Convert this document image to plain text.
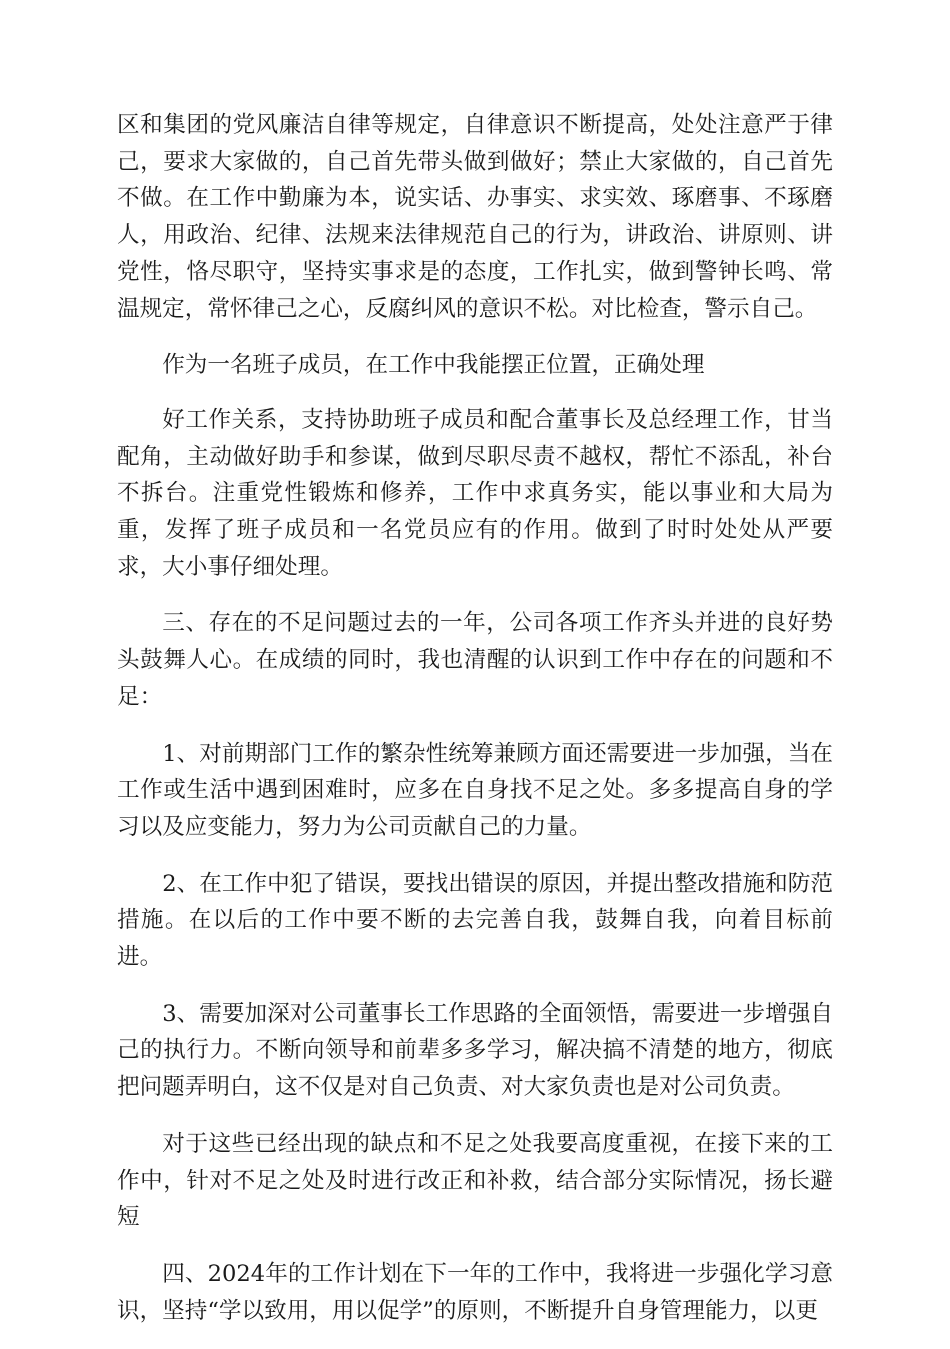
区和集团的党风廉洁自律等规定，自律意识不断提高，处处注意严于律己，要求大家做的，自己首先带头做到做好；禁止大家做的，自己首先不做。在工作中勤廉为本，说实话、办事实、求实效、琢磨事、不琢磨人，用政治、纪律、法规来法律规范自己的行为，讲政治、讲原则、讲党性，恪尽职守，坚持实事求是的态度，工作扎实，做到警钟长鸣、常温规定，常怀律己之心，反腐纠风的意识不松。对比检查，警示自己。

作为一名班子成员，在工作中我能摆正位置，正确处理

好工作关系，支持协助班子成员和配合董事长及总经理工作，甘当配角，主动做好助手和参谋，做到尽职尽责不越权，帮忙不添乱，补台不拆台。注重党性锻炼和修养，工作中求真务实，能以事业和大局为重，发挥了班子成员和一名党员应有的作用。做到了时时处处从严要求，大小事仔细处理。

三、存在的不足问题过去的一年，公司各项工作齐头并进的良好势头鼓舞人心。在成绩的同时，我也清醒的认识到工作中存在的问题和不足：

1、对前期部门工作的繁杂性统筹兼顾方面还需要进一步加强，当在工作或生活中遇到困难时，应多在自身找不足之处。多多提高自身的学习以及应变能力，努力为公司贡献自己的力量。

2、在工作中犯了错误，要找出错误的原因，并提出整改措施和防范措施。在以后的工作中要不断的去完善自我，鼓舞自我，向着目标前进。

3、需要加深对公司董事长工作思路的全面领悟，需要进一步增强自己的执行力。不断向领导和前辈多多学习，解决搞不清楚的地方，彻底把问题弄明白，这不仅是对自己负责、对大家负责也是对公司负责。

对于这些已经出现的缺点和不足之处我要高度重视，在接下来的工作中，针对不足之处及时进行改正和补救，结合部分实际情况，扬长避短

四、2024年的工作计划在下一年的工作中，我将进一步强化学习意识，坚持“学以致用，用以促学”的原则，不断提升自身管理能力，以更
